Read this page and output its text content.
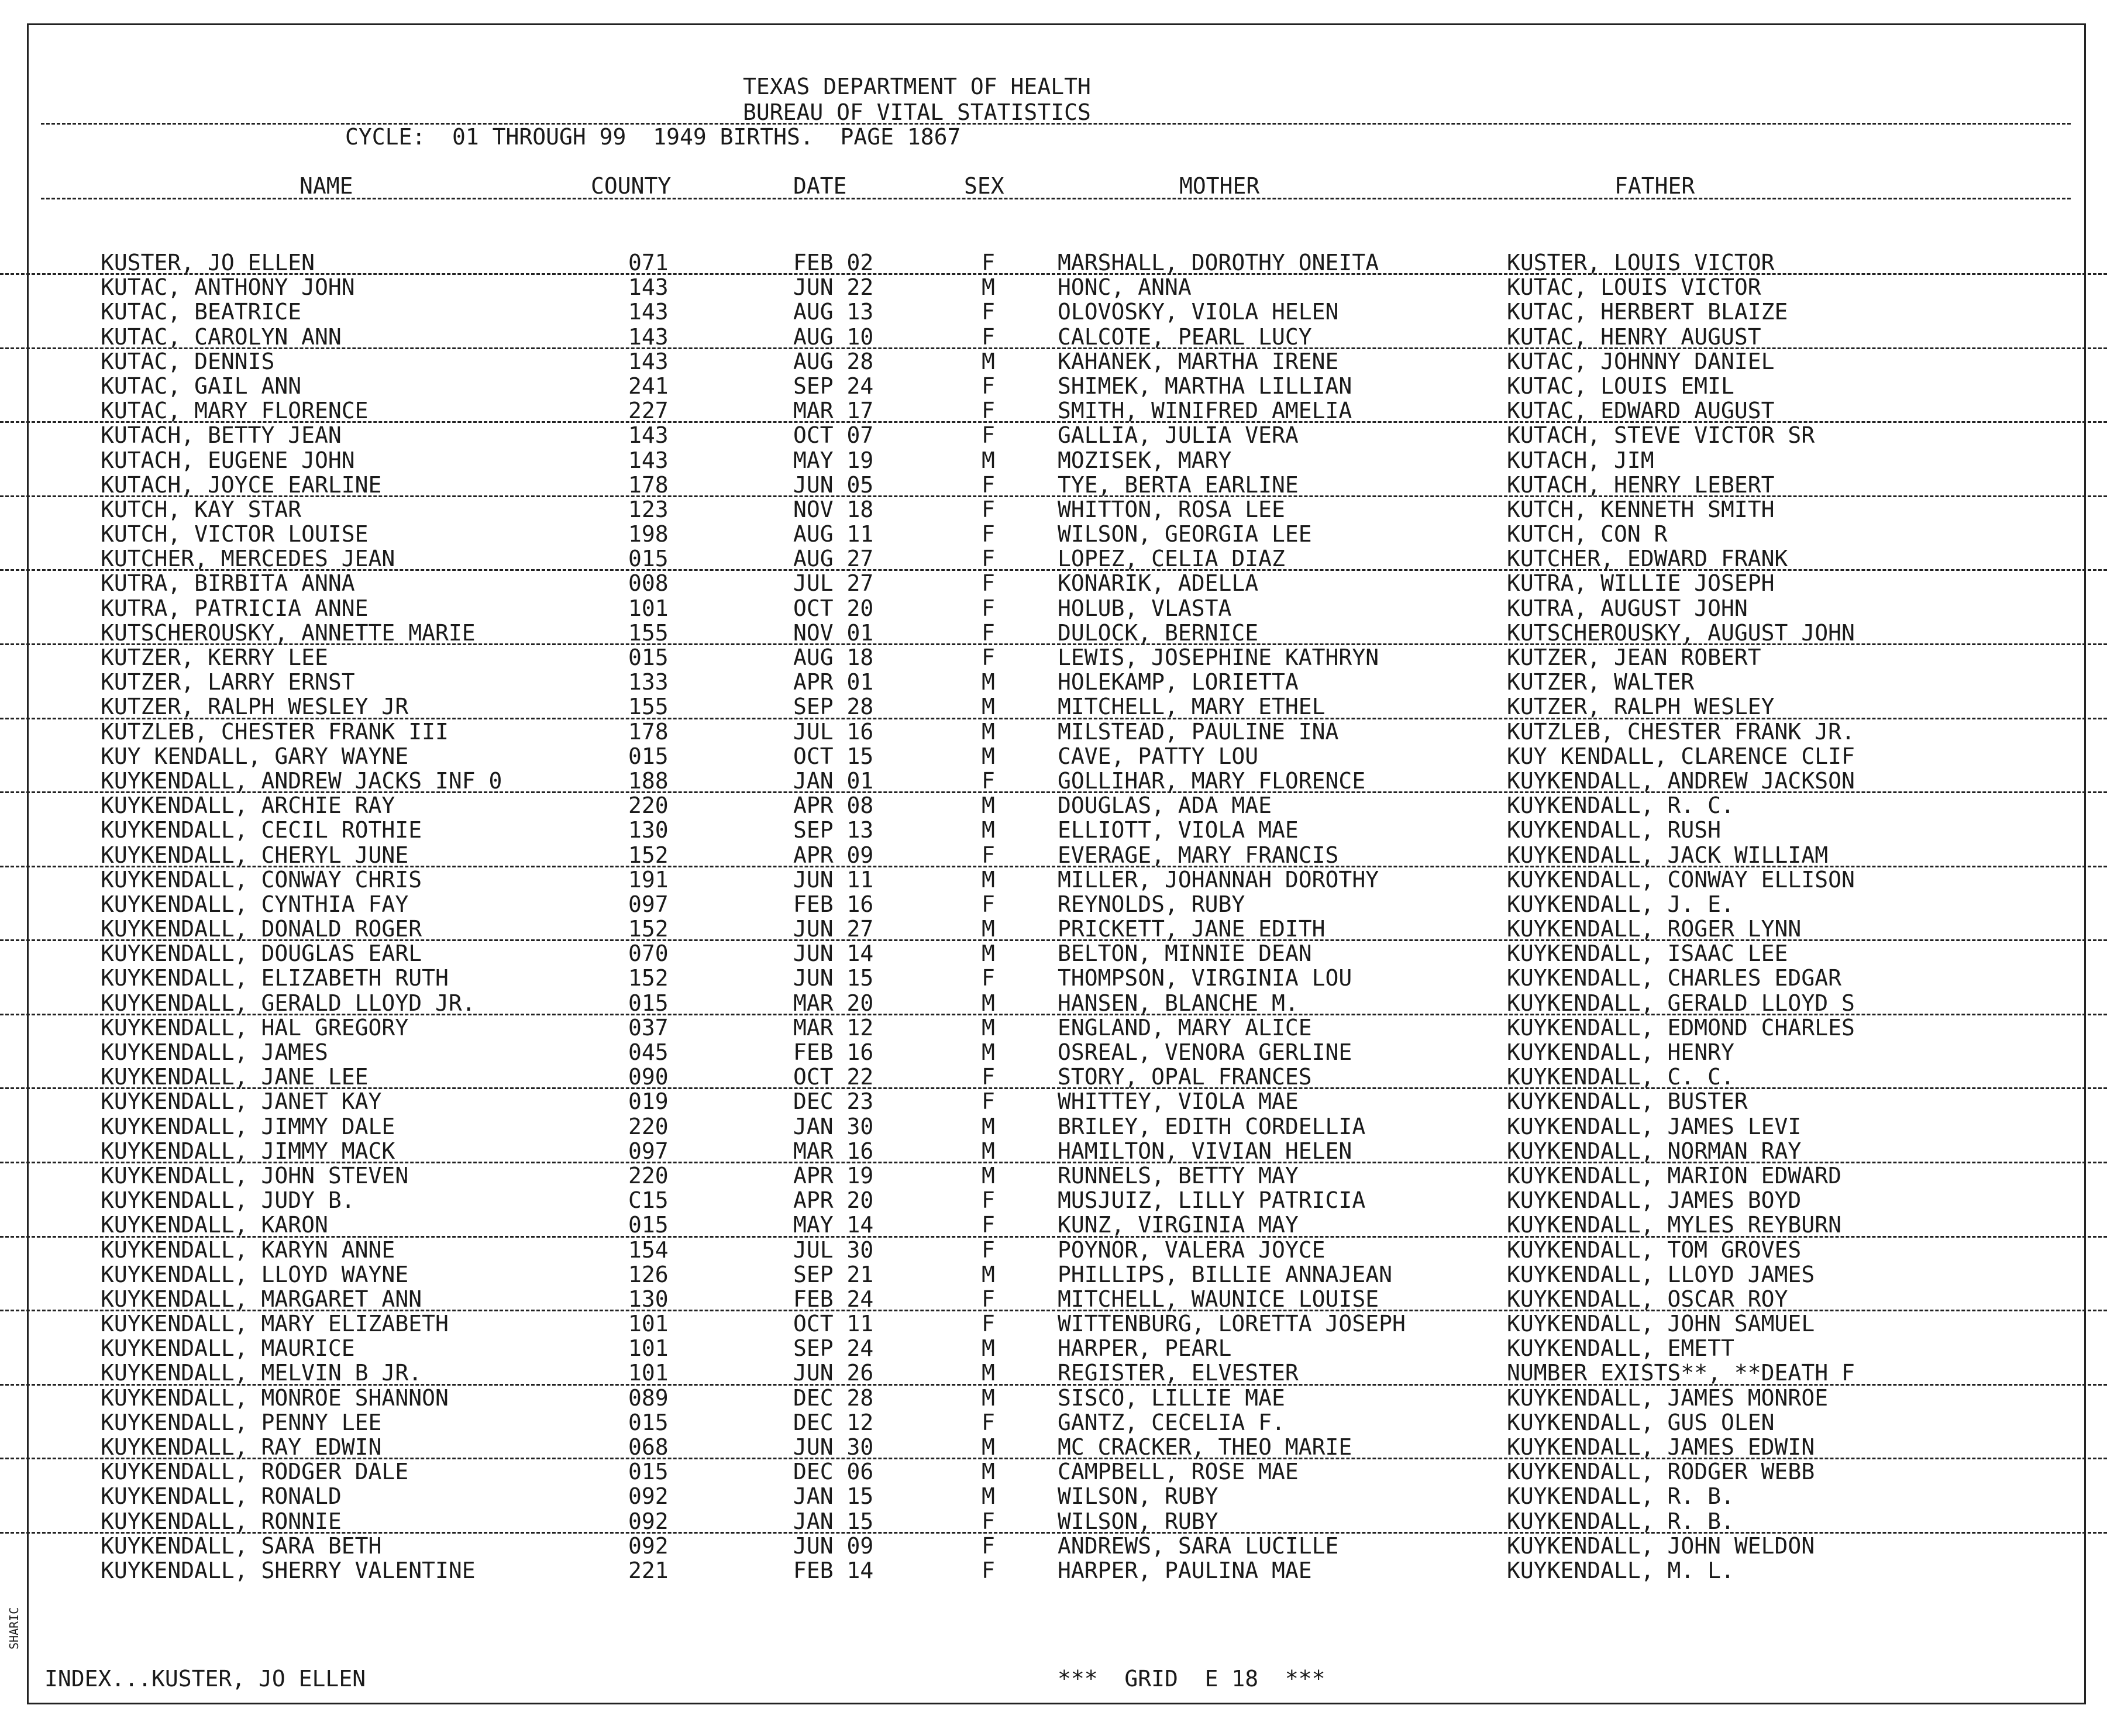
TEXAS DEPARTMENT OF HEALTH
BUREAU OF VITAL STATISTICS
CYCLE:  01 THROUGH 99  1949 BIRTHS.  PAGE 1867
NAME	COUNTY	DATE	SEX	MOTHER	FATHER
KUSTER, JO ELLEN	071	FEB 02	F	MARSHALL, DOROTHY ONEITA	KUSTER, LOUIS VICTOR
KUTAC, ANTHONY JOHN	143	JUN 22	M	HONC, ANNA	KUTAC, LOUIS VICTOR
KUTAC, BEATRICE	143	AUG 13	F	OLOVOSKY, VIOLA HELEN	KUTAC, HERBERT BLAIZE
KUTAC, CAROLYN ANN	143	AUG 10	F	CALCOTE, PEARL LUCY	KUTAC, HENRY AUGUST
KUTAC, DENNIS	143	AUG 28	M	KAHANEK, MARTHA IRENE	KUTAC, JOHNNY DANIEL
KUTAC, GAIL ANN	241	SEP 24	F	SHIMEK, MARTHA LILLIAN	KUTAC, LOUIS EMIL
KUTAC, MARY FLORENCE	227	MAR 17	F	SMITH, WINIFRED AMELIA	KUTAC, EDWARD AUGUST
KUTACH, BETTY JEAN	143	OCT 07	F	GALLIA, JULIA VERA	KUTACH, STEVE VICTOR SR
KUTACH, EUGENE JOHN	143	MAY 19	M	MOZISEK, MARY	KUTACH, JIM
KUTACH, JOYCE EARLINE	178	JUN 05	F	TYE, BERTA EARLINE	KUTACH, HENRY LEBERT
KUTCH, KAY STAR	123	NOV 18	F	WHITTON, ROSA LEE	KUTCH, KENNETH SMITH
KUTCH, VICTOR LOUISE	198	AUG 11	F	WILSON, GEORGIA LEE	KUTCH, CON R
KUTCHER, MERCEDES JEAN	015	AUG 27	F	LOPEZ, CELIA DIAZ	KUTCHER, EDWARD FRANK
KUTRA, BIRBITA ANNA	008	JUL 27	F	KONARIK, ADELLA	KUTRA, WILLIE JOSEPH
KUTRA, PATRICIA ANNE	101	OCT 20	F	HOLUB, VLASTA	KUTRA, AUGUST JOHN
KUTSCHEROUSKY, ANNETTE MARIE	155	NOV 01	F	DULOCK, BERNICE	KUTSCHEROUSKY, AUGUST JOHN
KUTZER, KERRY LEE	015	AUG 18	F	LEWIS, JOSEPHINE KATHRYN	KUTZER, JEAN ROBERT
KUTZER, LARRY ERNST	133	APR 01	M	HOLEKAMP, LORIETTA	KUTZER, WALTER
KUTZER, RALPH WESLEY JR	155	SEP 28	M	MITCHELL, MARY ETHEL	KUTZER, RALPH WESLEY
KUTZLEB, CHESTER FRANK III	178	JUL 16	M	MILSTEAD, PAULINE INA	KUTZLEB, CHESTER FRANK JR.
KUY KENDALL, GARY WAYNE	015	OCT 15	M	CAVE, PATTY LOU	KUY KENDALL, CLARENCE CLIF
KUYKENDALL, ANDREW JACKS INF 0	188	JAN 01	F	GOLLIHAR, MARY FLORENCE	KUYKENDALL, ANDREW JACKSON
KUYKENDALL, ARCHIE RAY	220	APR 08	M	DOUGLAS, ADA MAE	KUYKENDALL, R. C.
KUYKENDALL, CECIL ROTHIE	130	SEP 13	M	ELLIOTT, VIOLA MAE	KUYKENDALL, RUSH
KUYKENDALL, CHERYL JUNE	152	APR 09	F	EVERAGE, MARY FRANCIS	KUYKENDALL, JACK WILLIAM
KUYKENDALL, CONWAY CHRIS	191	JUN 11	M	MILLER, JOHANNAH DOROTHY	KUYKENDALL, CONWAY ELLISON
KUYKENDALL, CYNTHIA FAY	097	FEB 16	F	REYNOLDS, RUBY	KUYKENDALL, J. E.
KUYKENDALL, DONALD ROGER	152	JUN 27	M	PRICKETT, JANE EDITH	KUYKENDALL, ROGER LYNN
KUYKENDALL, DOUGLAS EARL	070	JUN 14	M	BELTON, MINNIE DEAN	KUYKENDALL, ISAAC LEE
KUYKENDALL, ELIZABETH RUTH	152	JUN 15	F	THOMPSON, VIRGINIA LOU	KUYKENDALL, CHARLES EDGAR
KUYKENDALL, GERALD LLOYD JR.	015	MAR 20	M	HANSEN, BLANCHE M.	KUYKENDALL, GERALD LLOYD S
KUYKENDALL, HAL GREGORY	037	MAR 12	M	ENGLAND, MARY ALICE	KUYKENDALL, EDMOND CHARLES
KUYKENDALL, JAMES	045	FEB 16	M	OSREAL, VENORA GERLINE	KUYKENDALL, HENRY
KUYKENDALL, JANE LEE	090	OCT 22	F	STORY, OPAL FRANCES	KUYKENDALL, C. C.
KUYKENDALL, JANET KAY	019	DEC 23	F	WHITTEY, VIOLA MAE	KUYKENDALL, BUSTER
KUYKENDALL, JIMMY DALE	220	JAN 30	M	BRILEY, EDITH CORDELLIA	KUYKENDALL, JAMES LEVI
KUYKENDALL, JIMMY MACK	097	MAR 16	M	HAMILTON, VIVIAN HELEN	KUYKENDALL, NORMAN RAY
KUYKENDALL, JOHN STEVEN	220	APR 19	M	RUNNELS, BETTY MAY	KUYKENDALL, MARION EDWARD
KUYKENDALL, JUDY B.	C15	APR 20	F	MUSJUIZ, LILLY PATRICIA	KUYKENDALL, JAMES BOYD
KUYKENDALL, KARON	015	MAY 14	F	KUNZ, VIRGINIA MAY	KUYKENDALL, MYLES REYBURN
KUYKENDALL, KARYN ANNE	154	JUL 30	F	POYNOR, VALERA JOYCE	KUYKENDALL, TOM GROVES
KUYKENDALL, LLOYD WAYNE	126	SEP 21	M	PHILLIPS, BILLIE ANNAJEAN	KUYKENDALL, LLOYD JAMES
KUYKENDALL, MARGARET ANN	130	FEB 24	F	MITCHELL, WAUNICE LOUISE	KUYKENDALL, OSCAR ROY
KUYKENDALL, MARY ELIZABETH	101	OCT 11	F	WITTENBURG, LORETTA JOSEPH	KUYKENDALL, JOHN SAMUEL
KUYKENDALL, MAURICE	101	SEP 24	M	HARPER, PEARL	KUYKENDALL, EMETT
KUYKENDALL, MELVIN B JR.	101	JUN 26	M	REGISTER, ELVESTER	NUMBER EXISTS**, **DEATH F
KUYKENDALL, MONROE SHANNON	089	DEC 28	M	SISCO, LILLIE MAE	KUYKENDALL, JAMES MONROE
KUYKENDALL, PENNY LEE	015	DEC 12	F	GANTZ, CECELIA F.	KUYKENDALL, GUS OLEN
KUYKENDALL, RAY EDWIN	068	JUN 30	M	MC CRACKER, THEO MARIE	KUYKENDALL, JAMES EDWIN
KUYKENDALL, RODGER DALE	015	DEC 06	M	CAMPBELL, ROSE MAE	KUYKENDALL, RODGER WEBB
KUYKENDALL, RONALD	092	JAN 15	M	WILSON, RUBY	KUYKENDALL, R. B.
KUYKENDALL, RONNIE	092	JAN 15	F	WILSON, RUBY	KUYKENDALL, R. B.
KUYKENDALL, SARA BETH	092	JUN 09	F	ANDREWS, SARA LUCILLE	KUYKENDALL, JOHN WELDON
KUYKENDALL, SHERRY VALENTINE	221	FEB 14	F	HARPER, PAULINA MAE	KUYKENDALL, M. L.
INDEX...KUSTER, JO ELLEN	***  GRID  E 18  ***
SHARIC
